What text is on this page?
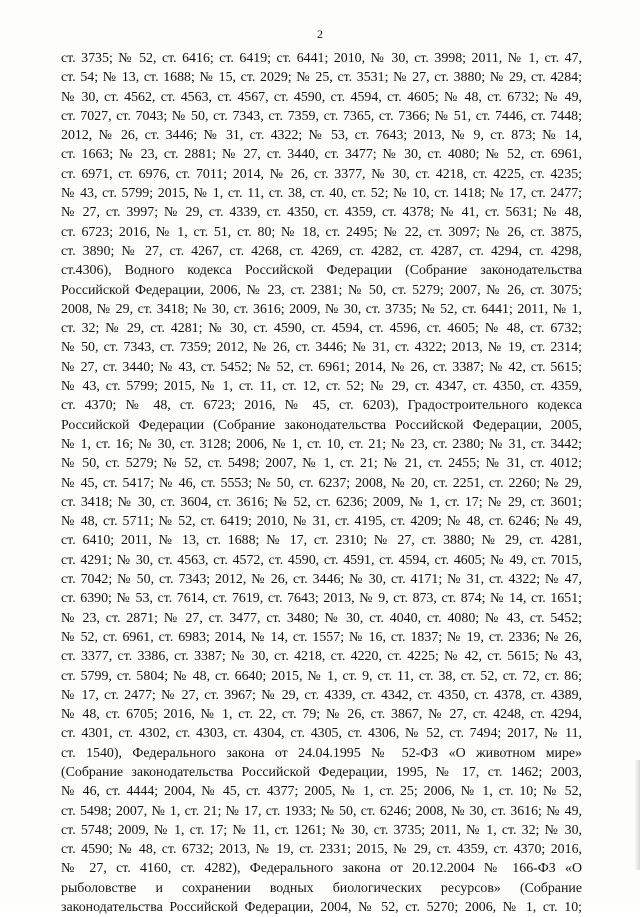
2
ст. 3735; № 52, ст. 6416; ст. 6419; ст. 6441; 2010, № 30, ст. 3998; 2011, № 1, ст. 47,
ст. 54; № 13, ст. 1688; № 15, ст. 2029; № 25, ст. 3531; № 27, ст. 3880; № 29, ст. 4284;
№ 30, ст. 4562, ст. 4563, ст. 4567, ст. 4590, ст. 4594, ст. 4605; № 48, ст. 6732; № 49,
ст. 7027, ст. 7043; № 50, ст. 7343, ст. 7359, ст. 7365, ст. 7366; № 51, ст. 7446, ст. 7448;
2012, № 26, ст. 3446; № 31, ст. 4322; № 53, ст. 7643; 2013, № 9, ст. 873; № 14,
ст. 1663; № 23, ст. 2881; № 27, ст. 3440, ст. 3477; № 30, ст. 4080; № 52, ст. 6961,
ст. 6971, ст. 6976, ст. 7011; 2014, № 26, ст. 3377, № 30, ст. 4218, ст. 4225, ст. 4235;
№ 43, ст. 5799; 2015, № 1, ст. 11, ст. 38, ст. 40, ст. 52; № 10, ст. 1418; № 17, ст. 2477;
№ 27, ст. 3997; № 29, ст. 4339, ст. 4350, ст. 4359, ст. 4378; № 41, ст. 5631; № 48,
ст. 6723; 2016, № 1, ст. 51, ст. 80; № 18, ст. 2495; № 22, ст. 3097; № 26, ст. 3875,
ст. 3890; № 27, ст. 4267, ст. 4268, ст. 4269, ст. 4282, ст. 4287, ст. 4294, ст. 4298,
ст.4306), Водного кодекса Российской Федерации (Собрание законодательства
Российской Федерации, 2006, № 23, ст. 2381; № 50, ст. 5279; 2007, № 26, ст. 3075;
2008, № 29, ст. 3418; № 30, ст. 3616; 2009, № 30, ст. 3735; № 52, ст. 6441; 2011, № 1,
ст. 32; № 29, ст. 4281; № 30, ст. 4590, ст. 4594, ст. 4596, ст. 4605; № 48, ст. 6732;
№ 50, ст. 7343, ст. 7359; 2012, № 26, ст. 3446; № 31, ст. 4322; 2013, № 19, ст. 2314;
№ 27, ст. 3440; № 43, ст. 5452; № 52, ст. 6961; 2014, № 26, ст. 3387; № 42, ст. 5615;
№ 43, ст. 5799; 2015, № 1, ст. 11, ст. 12, ст. 52; № 29, ст. 4347, ст. 4350, ст. 4359,
ст. 4370; № 48, ст. 6723; 2016, № 45, ст. 6203), Градостроительного кодекса
Российской Федерации (Собрание законодательства Российской Федерации, 2005,
№ 1, ст. 16; № 30, ст. 3128; 2006, № 1, ст. 10, ст. 21; № 23, ст. 2380; № 31, ст. 3442;
№ 50, ст. 5279; № 52, ст. 5498; 2007, № 1, ст. 21; № 21, ст. 2455; № 31, ст. 4012;
№ 45, ст. 5417; № 46, ст. 5553; № 50, ст. 6237; 2008, № 20, ст. 2251, ст. 2260; № 29,
ст. 3418; № 30, ст. 3604, ст. 3616; № 52, ст. 6236; 2009, № 1, ст. 17; № 29, ст. 3601;
№ 48, ст. 5711; № 52, ст. 6419; 2010, № 31, ст. 4195, ст. 4209; № 48, ст. 6246; № 49,
ст. 6410; 2011, № 13, ст. 1688; № 17, ст. 2310; № 27, ст. 3880; № 29, ст. 4281,
ст. 4291; № 30, ст. 4563, ст. 4572, ст. 4590, ст. 4591, ст. 4594, ст. 4605; № 49, ст. 7015,
ст. 7042; № 50, ст. 7343; 2012, № 26, ст. 3446; № 30, ст. 4171; № 31, ст. 4322; № 47,
ст. 6390; № 53, ст. 7614, ст. 7619, ст. 7643; 2013, № 9, ст. 873, ст. 874; № 14, ст. 1651;
№ 23, ст. 2871; № 27, ст. 3477, ст. 3480; № 30, ст. 4040, ст. 4080; № 43, ст. 5452;
№ 52, ст. 6961, ст. 6983; 2014, № 14, ст. 1557; № 16, ст. 1837; № 19, ст. 2336; № 26,
ст. 3377, ст. 3386, ст. 3387; № 30, ст. 4218, ст. 4220, ст. 4225; № 42, ст. 5615; № 43,
ст. 5799, ст. 5804; № 48, ст. 6640; 2015, № 1, ст. 9, ст. 11, ст. 38, ст. 52, ст. 72, ст. 86;
№ 17, ст. 2477; № 27, ст. 3967; № 29, ст. 4339, ст. 4342, ст. 4350, ст. 4378, ст. 4389,
№ 48, ст. 6705; 2016, № 1, ст. 22, ст. 79; № 26, ст. 3867, № 27, ст. 4248, ст. 4294,
ст. 4301, ст. 4302, ст. 4303, ст. 4304, ст. 4305, ст. 4306, № 52, ст. 7494; 2017, № 11,
ст. 1540), Федерального закона от 24.04.1995 № 52-ФЗ «О животном мире»
(Собрание законодательства Российской Федерации, 1995, № 17, ст. 1462; 2003,
№ 46, ст. 4444; 2004, № 45, ст. 4377; 2005, № 1, ст. 25; 2006, № 1, ст. 10; № 52,
ст. 5498; 2007, № 1, ст. 21; № 17, ст. 1933; № 50, ст. 6246; 2008, № 30, ст. 3616; № 49,
ст. 5748; 2009, № 1, ст. 17; № 11, ст. 1261; № 30, ст. 3735; 2011, № 1, ст. 32; № 30,
ст. 4590; № 48, ст. 6732; 2013, № 19, ст. 2331; 2015, № 29, ст. 4359, ст. 4370; 2016,
№ 27, ст. 4160, ст. 4282), Федерального закона от 20.12.2004 № 166-ФЗ «О
рыболовстве и сохранении водных биологических ресурсов» (Собрание
законодательства Российской Федерации, 2004, № 52, ст. 5270; 2006, № 1, ст. 10;
